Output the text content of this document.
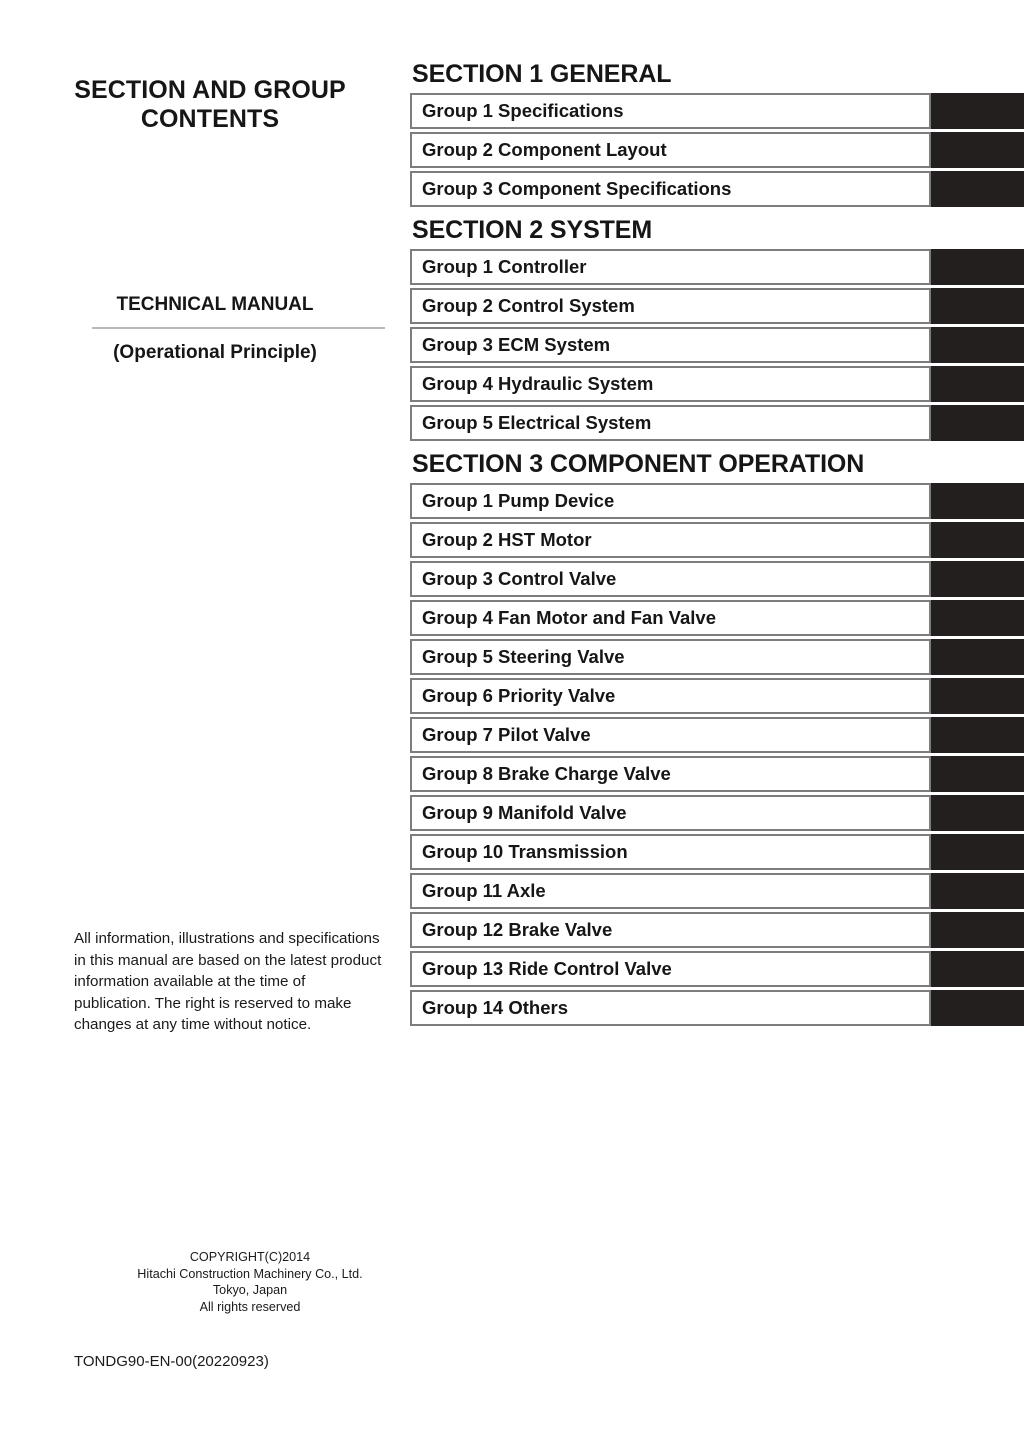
SECTION AND GROUP
CONTENTS
TECHNICAL MANUAL
(Operational Principle)
All information, illustrations and specifications in this manual are based on the latest product information available at the time of publication. The right is reserved to make changes at any time without notice.
COPYRIGHT(C)2014
Hitachi Construction Machinery Co., Ltd.
Tokyo, Japan
All rights reserved
TONDG90-EN-00(20220923)
SECTION 1 GENERAL
Group 1 Specifications
Group 2 Component Layout
Group 3 Component Specifications
SECTION 2 SYSTEM
Group 1 Controller
Group 2 Control System
Group 3 ECM System
Group 4 Hydraulic System
Group 5 Electrical System
SECTION 3 COMPONENT OPERATION
Group 1 Pump Device
Group 2 HST Motor
Group 3 Control Valve
Group 4 Fan Motor and Fan Valve
Group 5 Steering Valve
Group 6 Priority Valve
Group 7 Pilot Valve
Group 8 Brake Charge Valve
Group 9 Manifold Valve
Group 10 Transmission
Group 11 Axle
Group 12 Brake Valve
Group 13 Ride Control Valve
Group 14 Others
